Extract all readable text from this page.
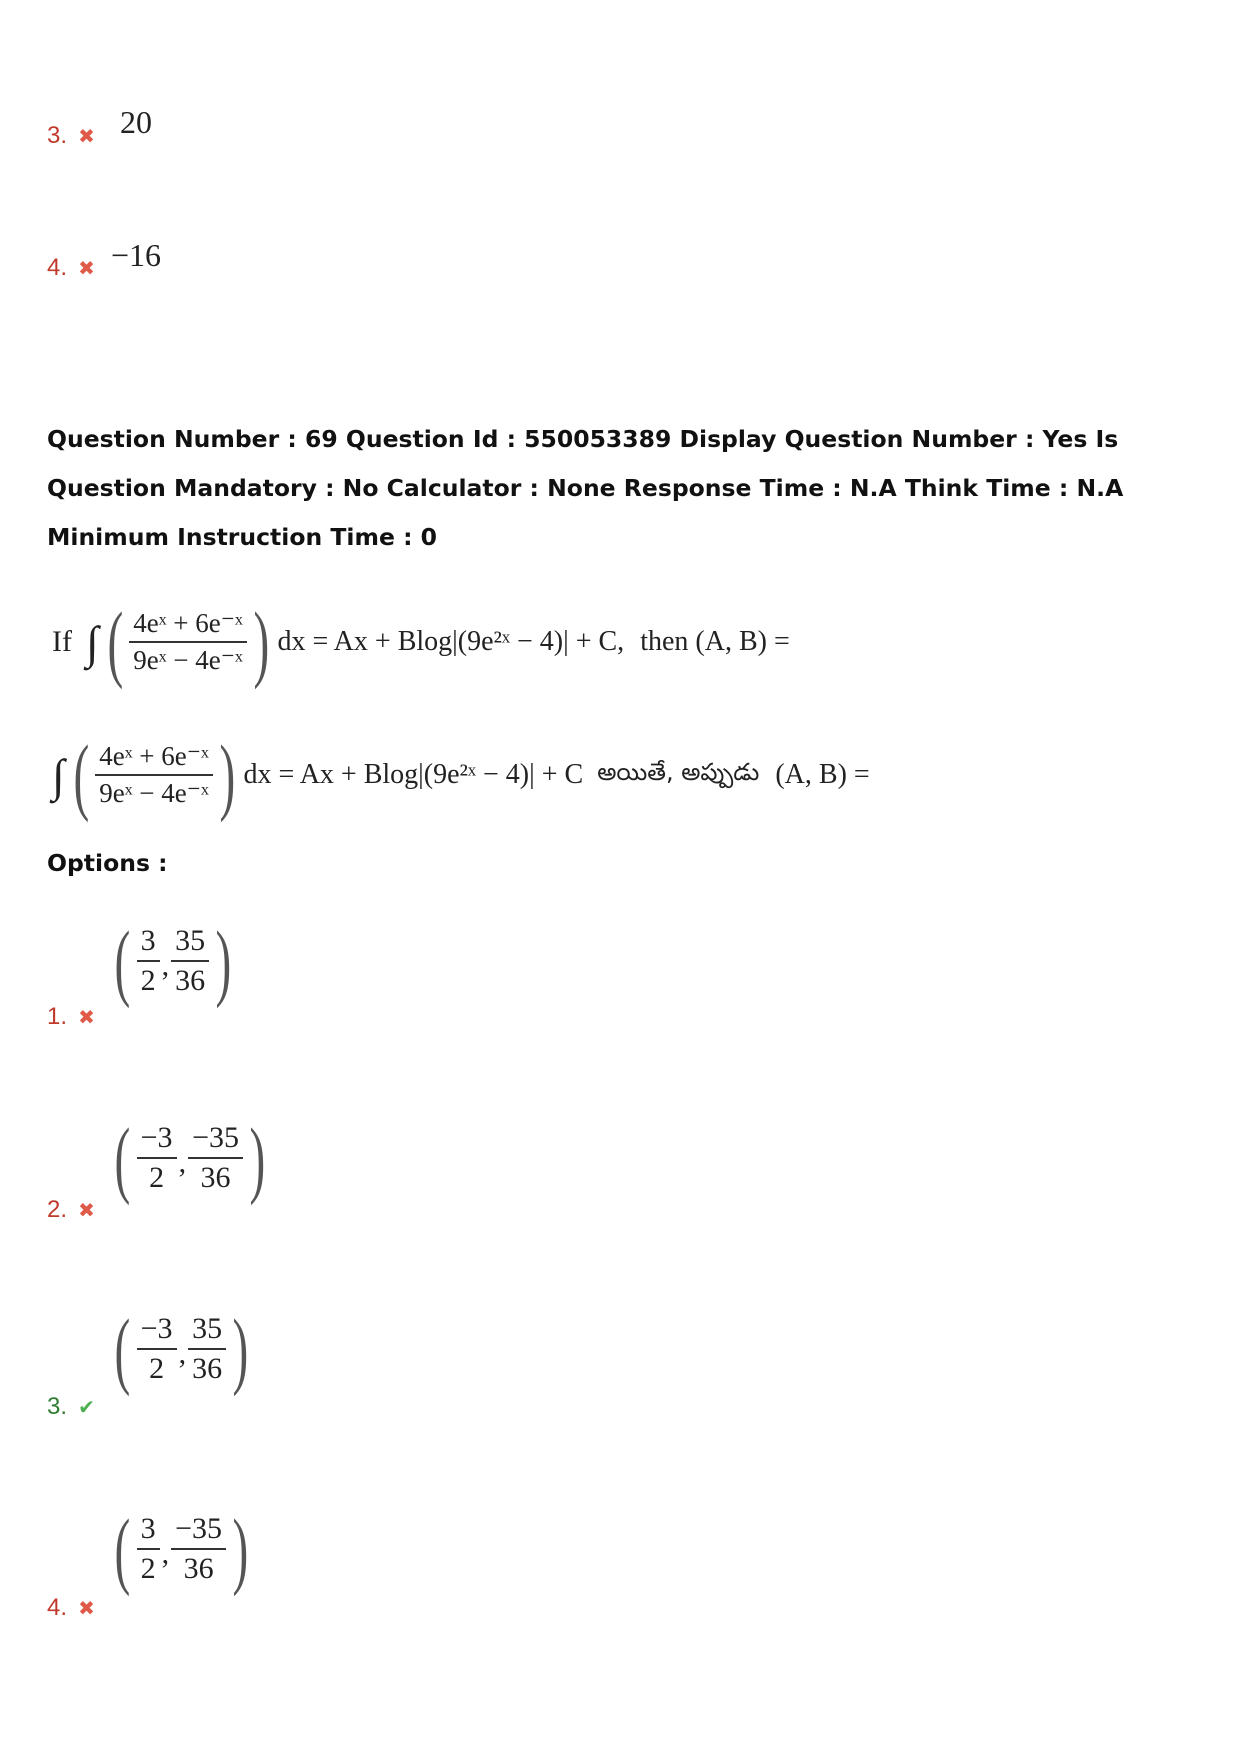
3. ✖ 20
4. ✖ −16
Question Number : 69 Question Id : 550053389 Display Question Number : Yes Is Question Mandatory : No Calculator : None Response Time : N.A Think Time : N.A Minimum Instruction Time : 0
If ∫ ( $\frac{\text{4eˣ + 6e⁻ˣ}}{\text{9eˣ − 4e⁻ˣ}}$ ) dx = Ax + Blog|(9e²ˣ − 4)| + C, then (A, B) =
∫ ( $\frac{\text{4eˣ + 6e⁻ˣ}}{\text{9eˣ − 4e⁻ˣ}}$ ) dx = Ax + Blog|(9e²ˣ − 4)| + C అయితే, అప్పుడు (A, B) =
Options :
1. ✖
( $\frac{3}{2}$ , $\frac{35}{36}$ )
2. ✖
( $\frac{-3}{2}$ , $\frac{-35}{36}$ )
3. ✔
( $\frac{-3}{2}$ , $\frac{35}{36}$ )
4. ✖
( $\frac{3}{2}$ , $\frac{-35}{36}$ )
